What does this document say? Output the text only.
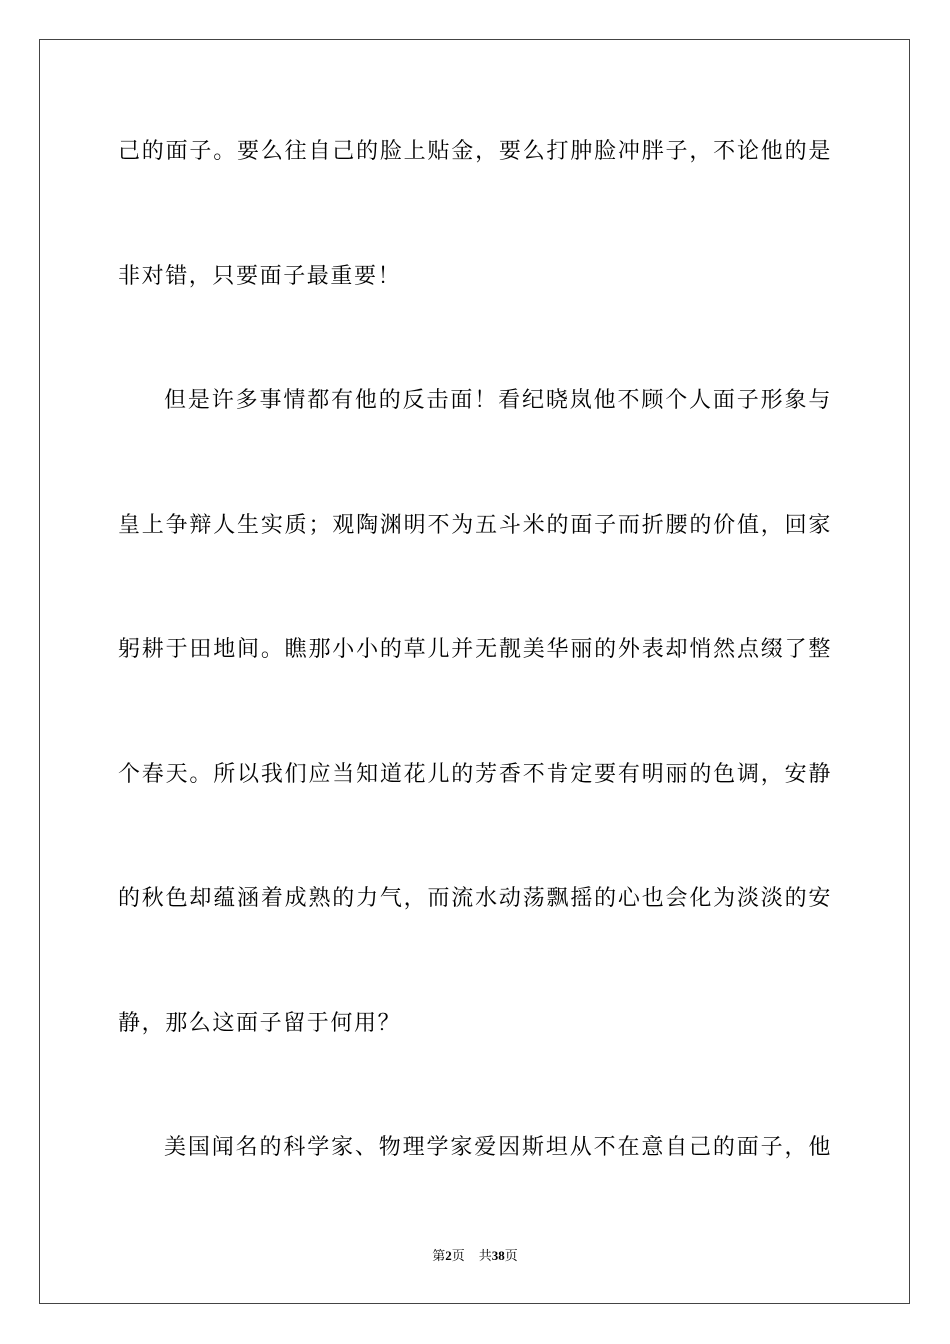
己的面子。要么往自己的脸上贴金，要么打肿脸冲胖子，不论他的是

非对错，只要面子最重要！

但是许多事情都有他的反击面！看纪晓岚他不顾个人面子形象与

皇上争辩人生实质；观陶渊明不为五斗米的面子而折腰的价值，回家

躬耕于田地间。瞧那小小的草儿并无靓美华丽的外表却悄然点缀了整

个春天。所以我们应当知道花儿的芳香不肯定要有明丽的色调，安静

的秋色却蕴涵着成熟的力气，而流水动荡飘摇的心也会化为淡淡的安

静，那么这面子留于何用？

美国闻名的科学家、物理学家爱因斯坦从不在意自己的面子，他

第2页 共38页
